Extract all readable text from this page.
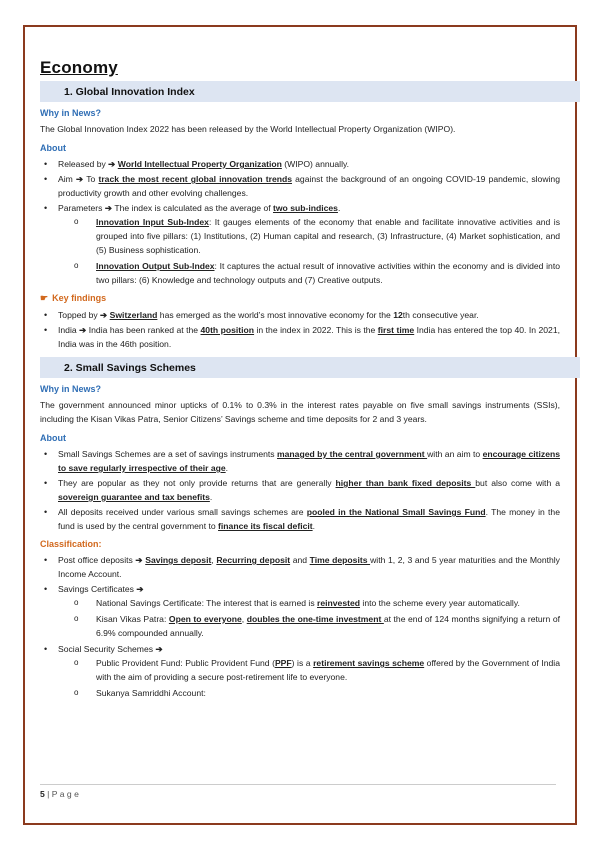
Economy
1. Global Innovation Index
Why in News?
The Global Innovation Index 2022 has been released by the World Intellectual Property Organization (WIPO).
About
• Released by ➔ World Intellectual Property Organization (WIPO) annually.
• Aim ➔ To track the most recent global innovation trends against the background of an ongoing COVID-19 pandemic, slowing productivity growth and other evolving challenges.
• Parameters ➔ The index is calculated as the average of two sub-indices.
o Innovation Input Sub-Index: It gauges elements of the economy that enable and facilitate innovative activities and is grouped into five pillars: (1) Institutions, (2) Human capital and research, (3) Infrastructure, (4) Market sophistication, and (5) Business sophistication.
o Innovation Output Sub-Index: It captures the actual result of innovative activities within the economy and is divided into two pillars: (6) Knowledge and technology outputs and (7) Creative outputs.
☛ Key findings
• Topped by ➔ Switzerland has emerged as the world’s most innovative economy for the 12th consecutive year.
• India ➔ India has been ranked at the 40th position in the index in 2022. This is the first time India has entered the top 40. In 2021, India was in the 46th position.
2. Small Savings Schemes
Why in News?
The government announced minor upticks of 0.1% to 0.3% in the interest rates payable on five small savings instruments (SSIs), including the Kisan Vikas Patra, Senior Citizens’ Savings scheme and time deposits for 2 and 3 years.
About
• Small Savings Schemes are a set of savings instruments managed by the central government with an aim to encourage citizens to save regularly irrespective of their age.
• They are popular as they not only provide returns that are generally higher than bank fixed deposits but also come with a sovereign guarantee and tax benefits.
• All deposits received under various small savings schemes are pooled in the National Small Savings Fund. The money in the fund is used by the central government to finance its fiscal deficit.
Classification:
• Post office deposits ➔ Savings deposit, Recurring deposit and Time deposits with 1, 2, 3 and 5 year maturities and the Monthly Income Account.
• Savings Certificates ➔
o National Savings Certificate: The interest that is earned is reinvested into the scheme every year automatically.
o Kisan Vikas Patra: Open to everyone, doubles the one-time investment at the end of 124 months signifying a return of 6.9% compounded annually.
• Social Security Schemes ➔
o Public Provident Fund: Public Provident Fund (PPF) is a retirement savings scheme offered by the Government of India with the aim of providing a secure post-retirement life to everyone.
o Sukanya Samriddhi Account:
5 | P a g e
